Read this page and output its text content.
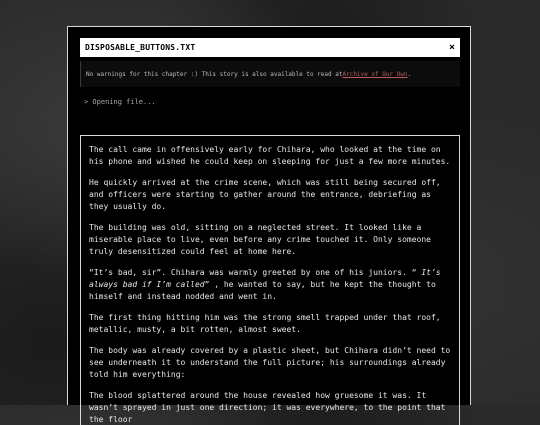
DISPOSABLE_BUTTONS.TXT	×
No warnings for this chapter :) This story is also available to read at Archive of Our Own .
> Opening file...

The call came in offensively early for Chihara, who looked at the time on his phone and wished he could keep on sleeping for just a few more minutes.

He quickly arrived at the crime scene, which was still being secured off, and officers were starting to gather around the entrance, debriefing as they usually do.

The building was old, sitting on a neglected street. It looked like a miserable place to live, even before any crime touched it. Only someone truly desensitized could feel at home here.

“It’s bad, sir”. Chihara was warmly greeted by one of his juniors. “ It’s always bad if I’m called” , he wanted to say, but he kept the thought to himself and instead nodded and went in.

The first thing hitting him was the strong smell trapped under that roof, metallic, musty, a bit rotten, almost sweet.

The body was already covered by a plastic sheet, but Chihara didn’t need to see underneath it to understand the full picture; his surroundings already told him everything:

The blood splattered around the house revealed how gruesome it was. It wasn’t sprayed in just one direction; it was everywhere, to the point that the floor
